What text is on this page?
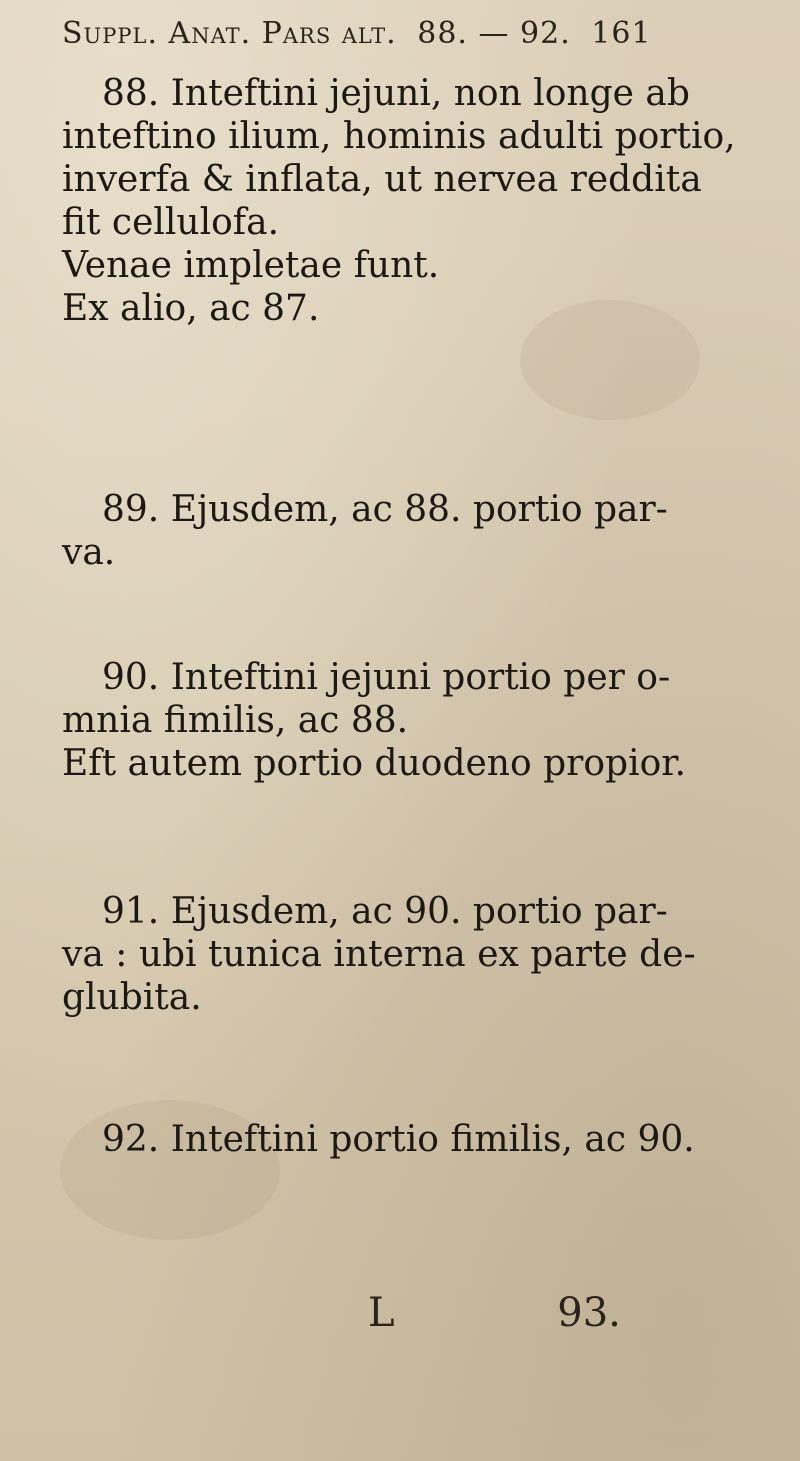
Suppl. Anat. Pars alt. 88. — 92. 161
88. Inteftini jejuni, non longe ab
inteftino ilium, hominis adulti portio,
inverfa & inflata, ut nervea reddita
fit cellulofa.
Venae impletae funt.
Ex alio, ac 87.
89. Ejusdem, ac 88. portio par-
va.
90. Inteftini jejuni portio per o-
mnia fimilis, ac 88.
Eft autem portio duodeno propior.
91. Ejusdem, ac 90. portio par-
va : ubi tunica interna ex parte de-
glubita.
92. Inteftini portio fimilis, ac 90.
L	93.
